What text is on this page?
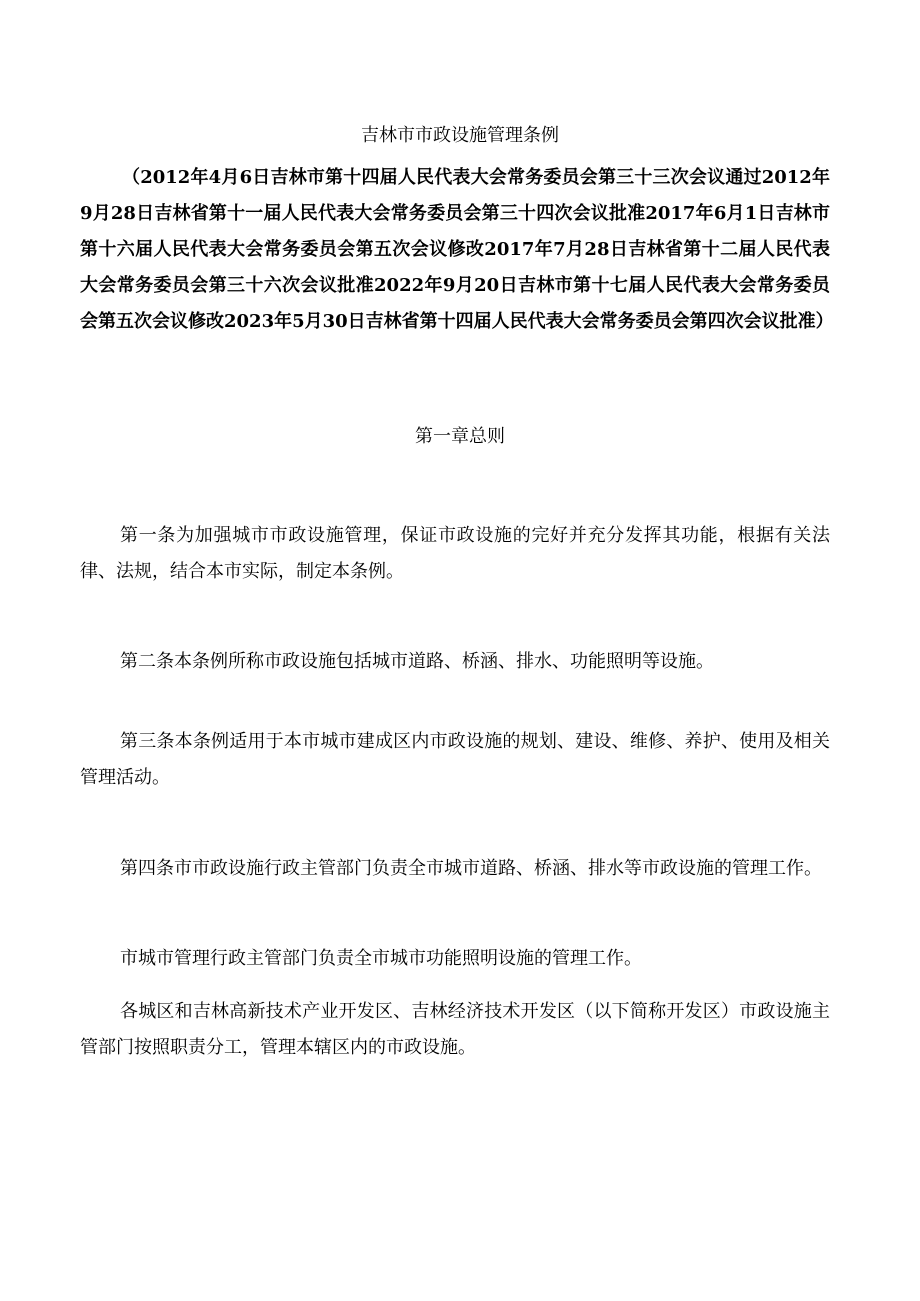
吉林市市政设施管理条例

（2012年4月6日吉林市第十四届人民代表大会常务委员会第三十三次会议通过2012年9月28日吉林省第十一届人民代表大会常务委员会第三十四次会议批准2017年6月1日吉林市第十六届人民代表大会常务委员会第五次会议修改2017年7月28日吉林省第十二届人民代表大会常务委员会第三十六次会议批准2022年9月20日吉林市第十七届人民代表大会常务委员会第五次会议修改2023年5月30日吉林省第十四届人民代表大会常务委员会第四次会议批准）

第一章总则

第一条为加强城市市政设施管理，保证市政设施的完好并充分发挥其功能，根据有关法律、法规，结合本市实际，制定本条例。

第二条本条例所称市政设施包括城市道路、桥涵、排水、功能照明等设施。

第三条本条例适用于本市城市建成区内市政设施的规划、建设、维修、养护、使用及相关管理活动。

第四条市市政设施行政主管部门负责全市城市道路、桥涵、排水等市政设施的管理工作。

市城市管理行政主管部门负责全市城市功能照明设施的管理工作。

各城区和吉林高新技术产业开发区、吉林经济技术开发区（以下简称开发区）市政设施主管部门按照职责分工，管理本辖区内的市政设施。
